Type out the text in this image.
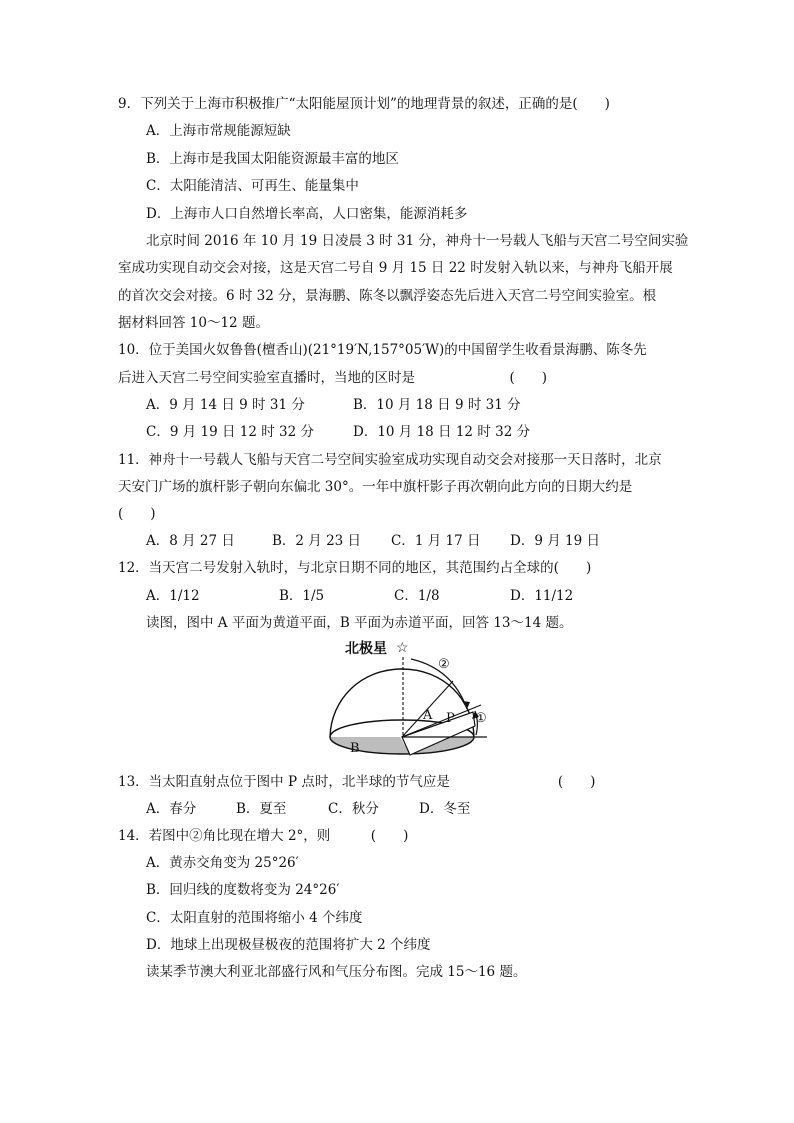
9．下列关于上海市积极推广“太阳能屋顶计划”的地理背景的叙述，正确的是(　　)
A．上海市常规能源短缺
B．上海市是我国太阳能资源最丰富的地区
C．太阳能清洁、可再生、能量集中
D．上海市人口自然增长率高，人口密集，能源消耗多
北京时间 2016 年 10 月 19 日凌晨 3 时 31 分，神舟十一号载人飞船与天宫二号空间实验
室成功实现自动交会对接，这是天宫二号自 9 月 15 日 22 时发射入轨以来，与神舟飞船开展
的首次交会对接。6 时 32 分，景海鹏、陈冬以飘浮姿态先后进入天宫二号空间实验室。根
据材料回答 10～12 题。
10．位于美国火奴鲁鲁(檀香山)(21°19′N,157°05′W)的中国留学生收看景海鹏、陈冬先
后进入天宫二号空间实验室直播时，当地的区时是　　　　　　　(　　)
A．9 月 14 日 9 时 31 分	B．10 月 18 日 9 时 31 分
C．9 月 19 日 12 时 32 分	D．10 月 18 日 12 时 32 分
11．神舟十一号载人飞船与天宫二号空间实验室成功实现自动交会对接那一天日落时，北京
天安门广场的旗杆影子朝向东偏北 30°。一年中旗杆影子再次朝向此方向的日期大约是
(　　)
A．8 月 27 日	B．2 月 23 日 C．1 月 17 日 D．9 月 19 日
12．当天宫二号发射入轨时，与北京日期不同的地区，其范围约占全球的(　　)
A．1/12	B．1/5	C．1/8	D．11/12
读图，图中 A 平面为黄道平面，B 平面为赤道平面，回答 13～14 题。
☆
北极星
A
B
P ①
②
13．当太阳直射点位于图中 P 点时，北半球的节气应是　　　　　　　　(　　)
A．春分	B．夏至	C．秋分	D．冬至
14．若图中②角比现在增大 2°，则　　　(　　)
A．黄赤交角变为 25°26′
B．回归线的度数将变为 24°26′
C．太阳直射的范围将缩小 4 个纬度
D．地球上出现极昼极夜的范围将扩大 2 个纬度
读某季节澳大利亚北部盛行风和气压分布图。完成 15～16 题。
